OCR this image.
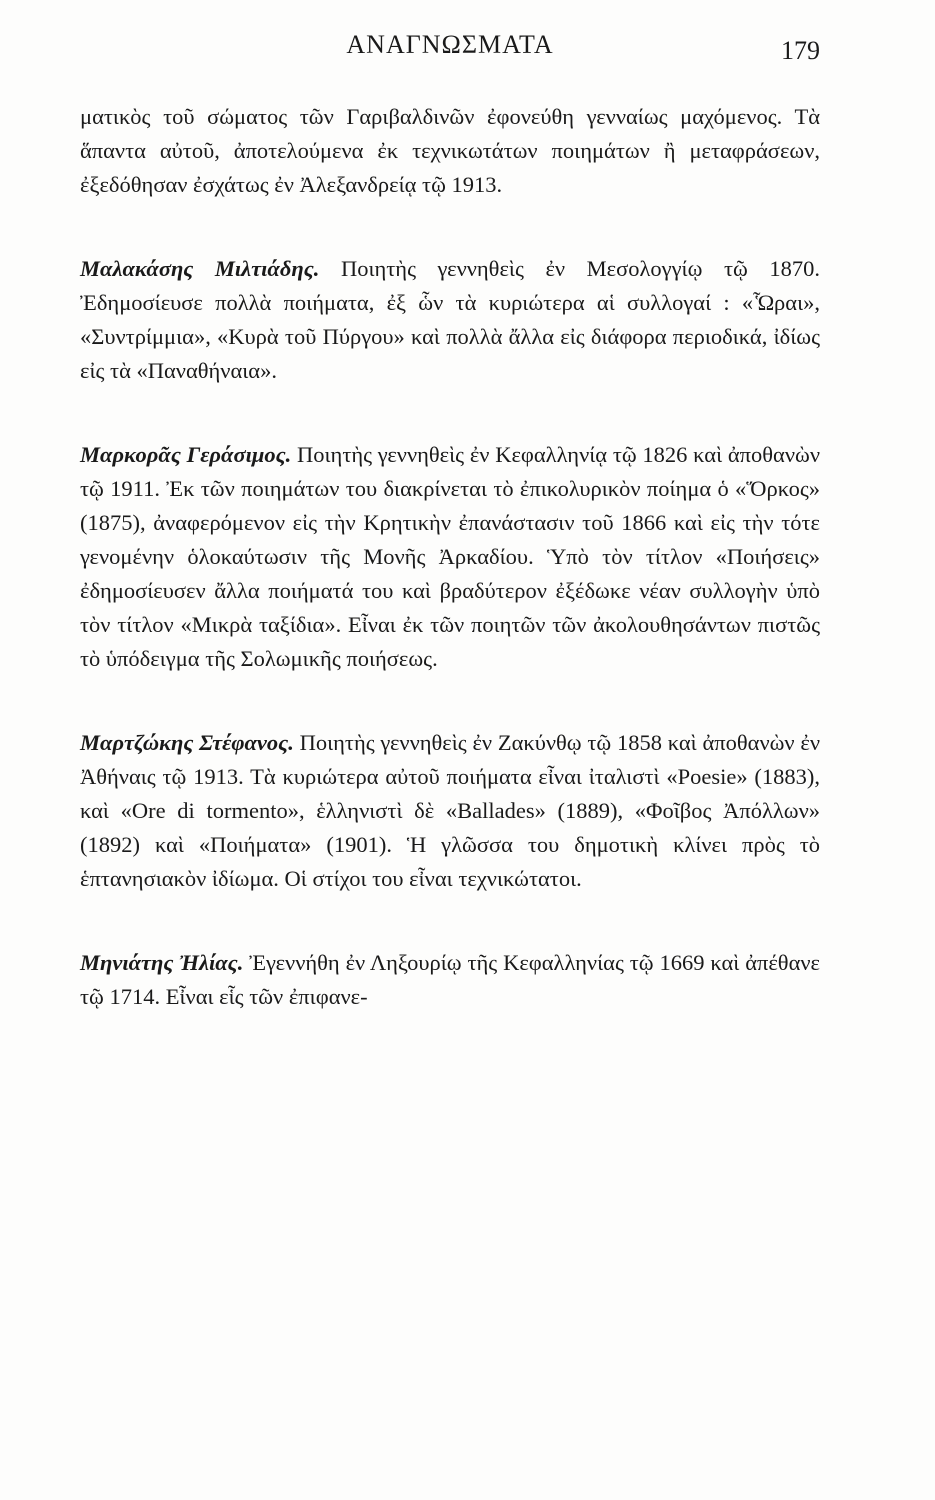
ΑΝΑΓΝΩΣΜΑΤΑ	179

ματικὸς τοῦ σώματος τῶν Γαριβαλδινῶν ἐφονεύθη γενναίως μαχόμενος. Τὰ ἅπαντα αὐτοῦ, ἀποτελούμενα ἐκ τεχνικωτάτων ποιημάτων ἢ μεταφράσεων, ἐξεδόθησαν ἐσχάτως ἐν Ἀλεξανδρείᾳ τῷ 1913.

Μαλακάσης Μιλτιάδης. Ποιητὴς γεννηθεὶς ἐν Μεσολογγίῳ τῷ 1870. Ἐδημοσίευσε πολλὰ ποιήματα, ἐξ ὧν τὰ κυριώτερα αἱ συλλογαί : «Ὧραι», «Συντρίμμια», «Κυρὰ τοῦ Πύργου» καὶ πολλὰ ἄλλα εἰς διάφορα περιοδικά, ἰδίως εἰς τὰ «Παναθήναια».

Μαρκορᾶς Γεράσιμος. Ποιητὴς γεννηθεὶς ἐν Κεφαλληνίᾳ τῷ 1826 καὶ ἀποθανὼν τῷ 1911. Ἐκ τῶν ποιημάτων του διακρίνεται τὸ ἐπικολυρικὸν ποίημα ὁ «Ὅρκος» (1875), ἀναφερόμενον εἰς τὴν Κρητικὴν ἐπανάστασιν τοῦ 1866 καὶ εἰς τὴν τότε γενομένην ὁλοκαύτωσιν τῆς Μονῆς Ἀρκαδίου. Ὑπὸ τὸν τίτλον «Ποιήσεις» ἐδημοσίευσεν ἄλλα ποιήματά του καὶ βραδύτερον ἐξέδωκε νέαν συλλογὴν ὑπὸ τὸν τίτλον «Μικρὰ ταξίδια». Εἶναι ἐκ τῶν ποιητῶν τῶν ἀκολουθησάντων πιστῶς τὸ ὑπόδειγμα τῆς Σολωμικῆς ποιήσεως.

Μαρτζώκης Στέφανος. Ποιητὴς γεννηθεὶς ἐν Ζακύνθῳ τῷ 1858 καὶ ἀποθανὼν ἐν Ἀθήναις τῷ 1913. Τὰ κυριώτερα αὐτοῦ ποιήματα εἶναι ἰταλιστὶ «Poesie» (1883), καὶ «Ore di tormento», ἑλληνιστὶ δὲ «Ballades» (1889), «Φοῖβος Ἀπόλλων» (1892) καὶ «Ποιήματα» (1901). Ἡ γλῶσσα του δημοτικὴ κλίνει πρὸς τὸ ἑπτανησιακὸν ἰδίωμα. Οἱ στίχοι του εἶναι τεχνικώτατοι.

Μηνιάτης Ἠλίας. Ἐγεννήθη ἐν Ληξουρίῳ τῆς Κεφαλληνίας τῷ 1669 καὶ ἀπέθανε τῷ 1714. Εἶναι εἷς τῶν ἐπιφανε-
